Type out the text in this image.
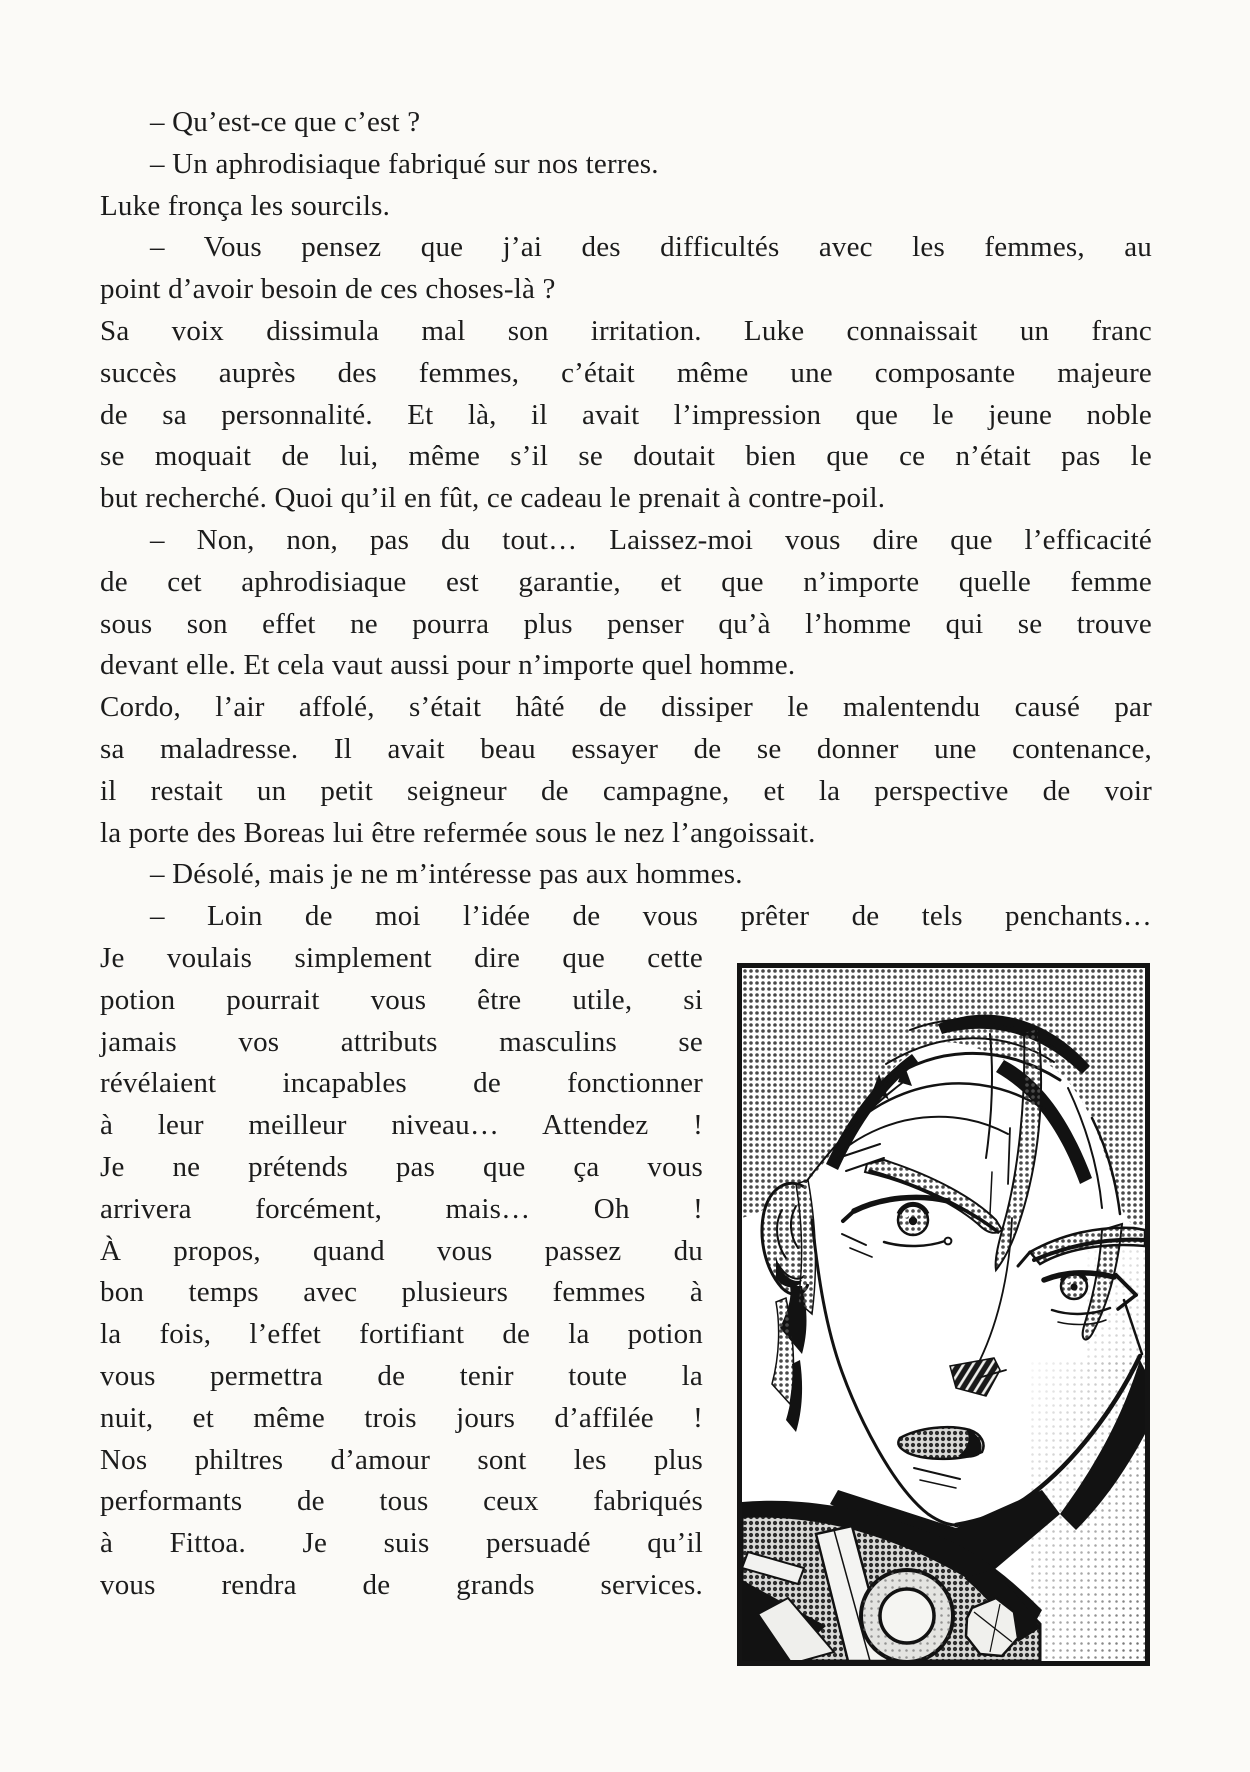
– Qu’est-ce que c’est ?
– Un aphrodisiaque fabriqué sur nos terres.
Luke fronça les sourcils.
– Vous pensez que j’ai des difficultés avec les femmes, au
point d’avoir besoin de ces choses-là ?
Sa voix dissimula mal son irritation. Luke connaissait un franc
succès auprès des femmes, c’était même une composante majeure
de sa personnalité. Et là, il avait l’impression que le jeune noble
se moquait de lui, même s’il se doutait bien que ce n’était pas le
but recherché. Quoi qu’il en fût, ce cadeau le prenait à contre-poil.
– Non, non, pas du tout… Laissez-moi vous dire que l’efficacité
de cet aphrodisiaque est garantie, et que n’importe quelle femme
sous son effet ne pourra plus penser qu’à l’homme qui se trouve
devant elle. Et cela vaut aussi pour n’importe quel homme.
Cordo, l’air affolé, s’était hâté de dissiper le malentendu causé par
sa maladresse. Il avait beau essayer de se donner une contenance,
il restait un petit seigneur de campagne, et la perspective de voir
la porte des Boreas lui être refermée sous le nez l’angoissait.
– Désolé, mais je ne m’intéresse pas aux hommes.
– Loin de moi l’idée de vous prêter de tels penchants…
Je voulais simplement dire que cette
potion pourrait vous être utile, si
jamais vos attributs masculins se
révélaient incapables de fonctionner
à leur meilleur niveau… Attendez !
Je ne prétends pas que ça vous
arrivera forcément, mais… Oh !
À propos, quand vous passez du
bon temps avec plusieurs femmes à
la fois, l’effet fortifiant de la potion
vous permettra de tenir toute la
nuit, et même trois jours d’affilée !
Nos philtres d’amour sont les plus
performants de tous ceux fabriqués
à Fittoa. Je suis persuadé qu’il
vous rendra de grands services.
